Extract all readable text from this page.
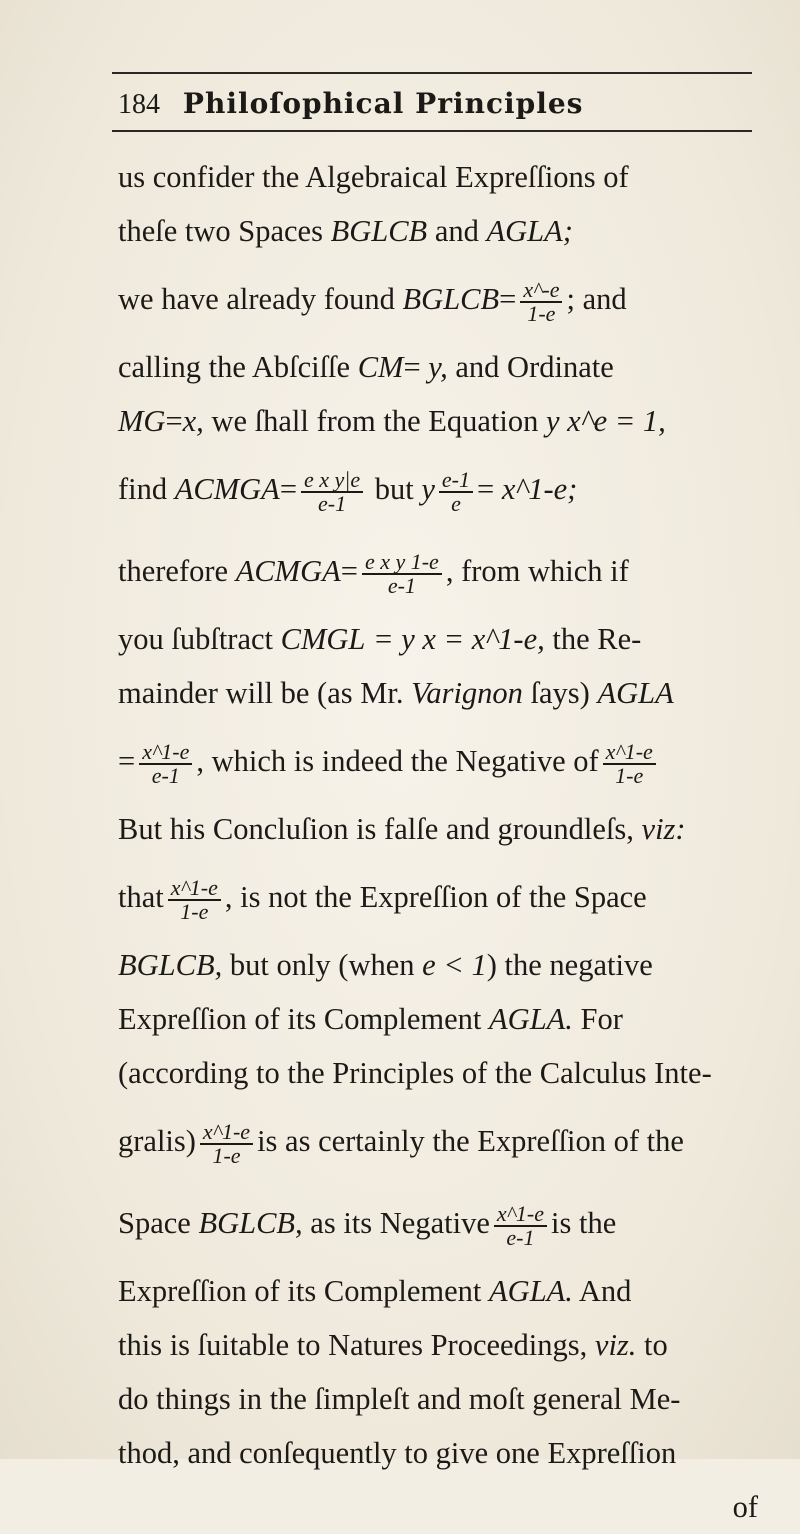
184 Philoſophical Principles
us confider the Algebraical Expreſſions of
theſe two Spaces BGLCB and AGLA;
we have already found BGLCB= $\frac{x\^{}-e}{1-e}$ ; and
calling the Abſciſſe CM= y, and Ordinate
MG=x, we ſhall from the Equation y x^e = 1,
find ACMGA= $\frac{\text{e x y|e}}{e-1}$ but y $\frac{e-1}{e}$ = x^1-e;
therefore ACMGA= $\frac{\text{e x y 1-e}}{e-1}$ , from which if
you ſubſtract CMGL = y x = x^1-e, the Re-
mainder will be (as Mr. Varignon ſays) AGLA
= $\frac{x\^{}1-e}{e-1}$ , which is indeed the Negative of $\frac{x\^{}1-e}{1-e}$
But his Concluſion is falſe and groundleſs, viz:
that $\frac{x\^{}1-e}{1-e}$ , is not the Expreſſion of the Space
BGLCB, but only (when e < 1) the negative
Expreſſion of its Complement AGLA. For
(according to the Principles of the Calculus Inte-
gralis) $\frac{x\^{}1-e}{1-e}$ is as certainly the Expreſſion of the
Space BGLCB, as its Negative $\frac{x\^{}1-e}{e-1}$ is the
Expreſſion of its Complement AGLA. And
this is ſuitable to Natures Proceedings, viz. to
do things in the ſimpleſt and moſt general Me-
thod, and conſequently to give one Expreſſion
of
